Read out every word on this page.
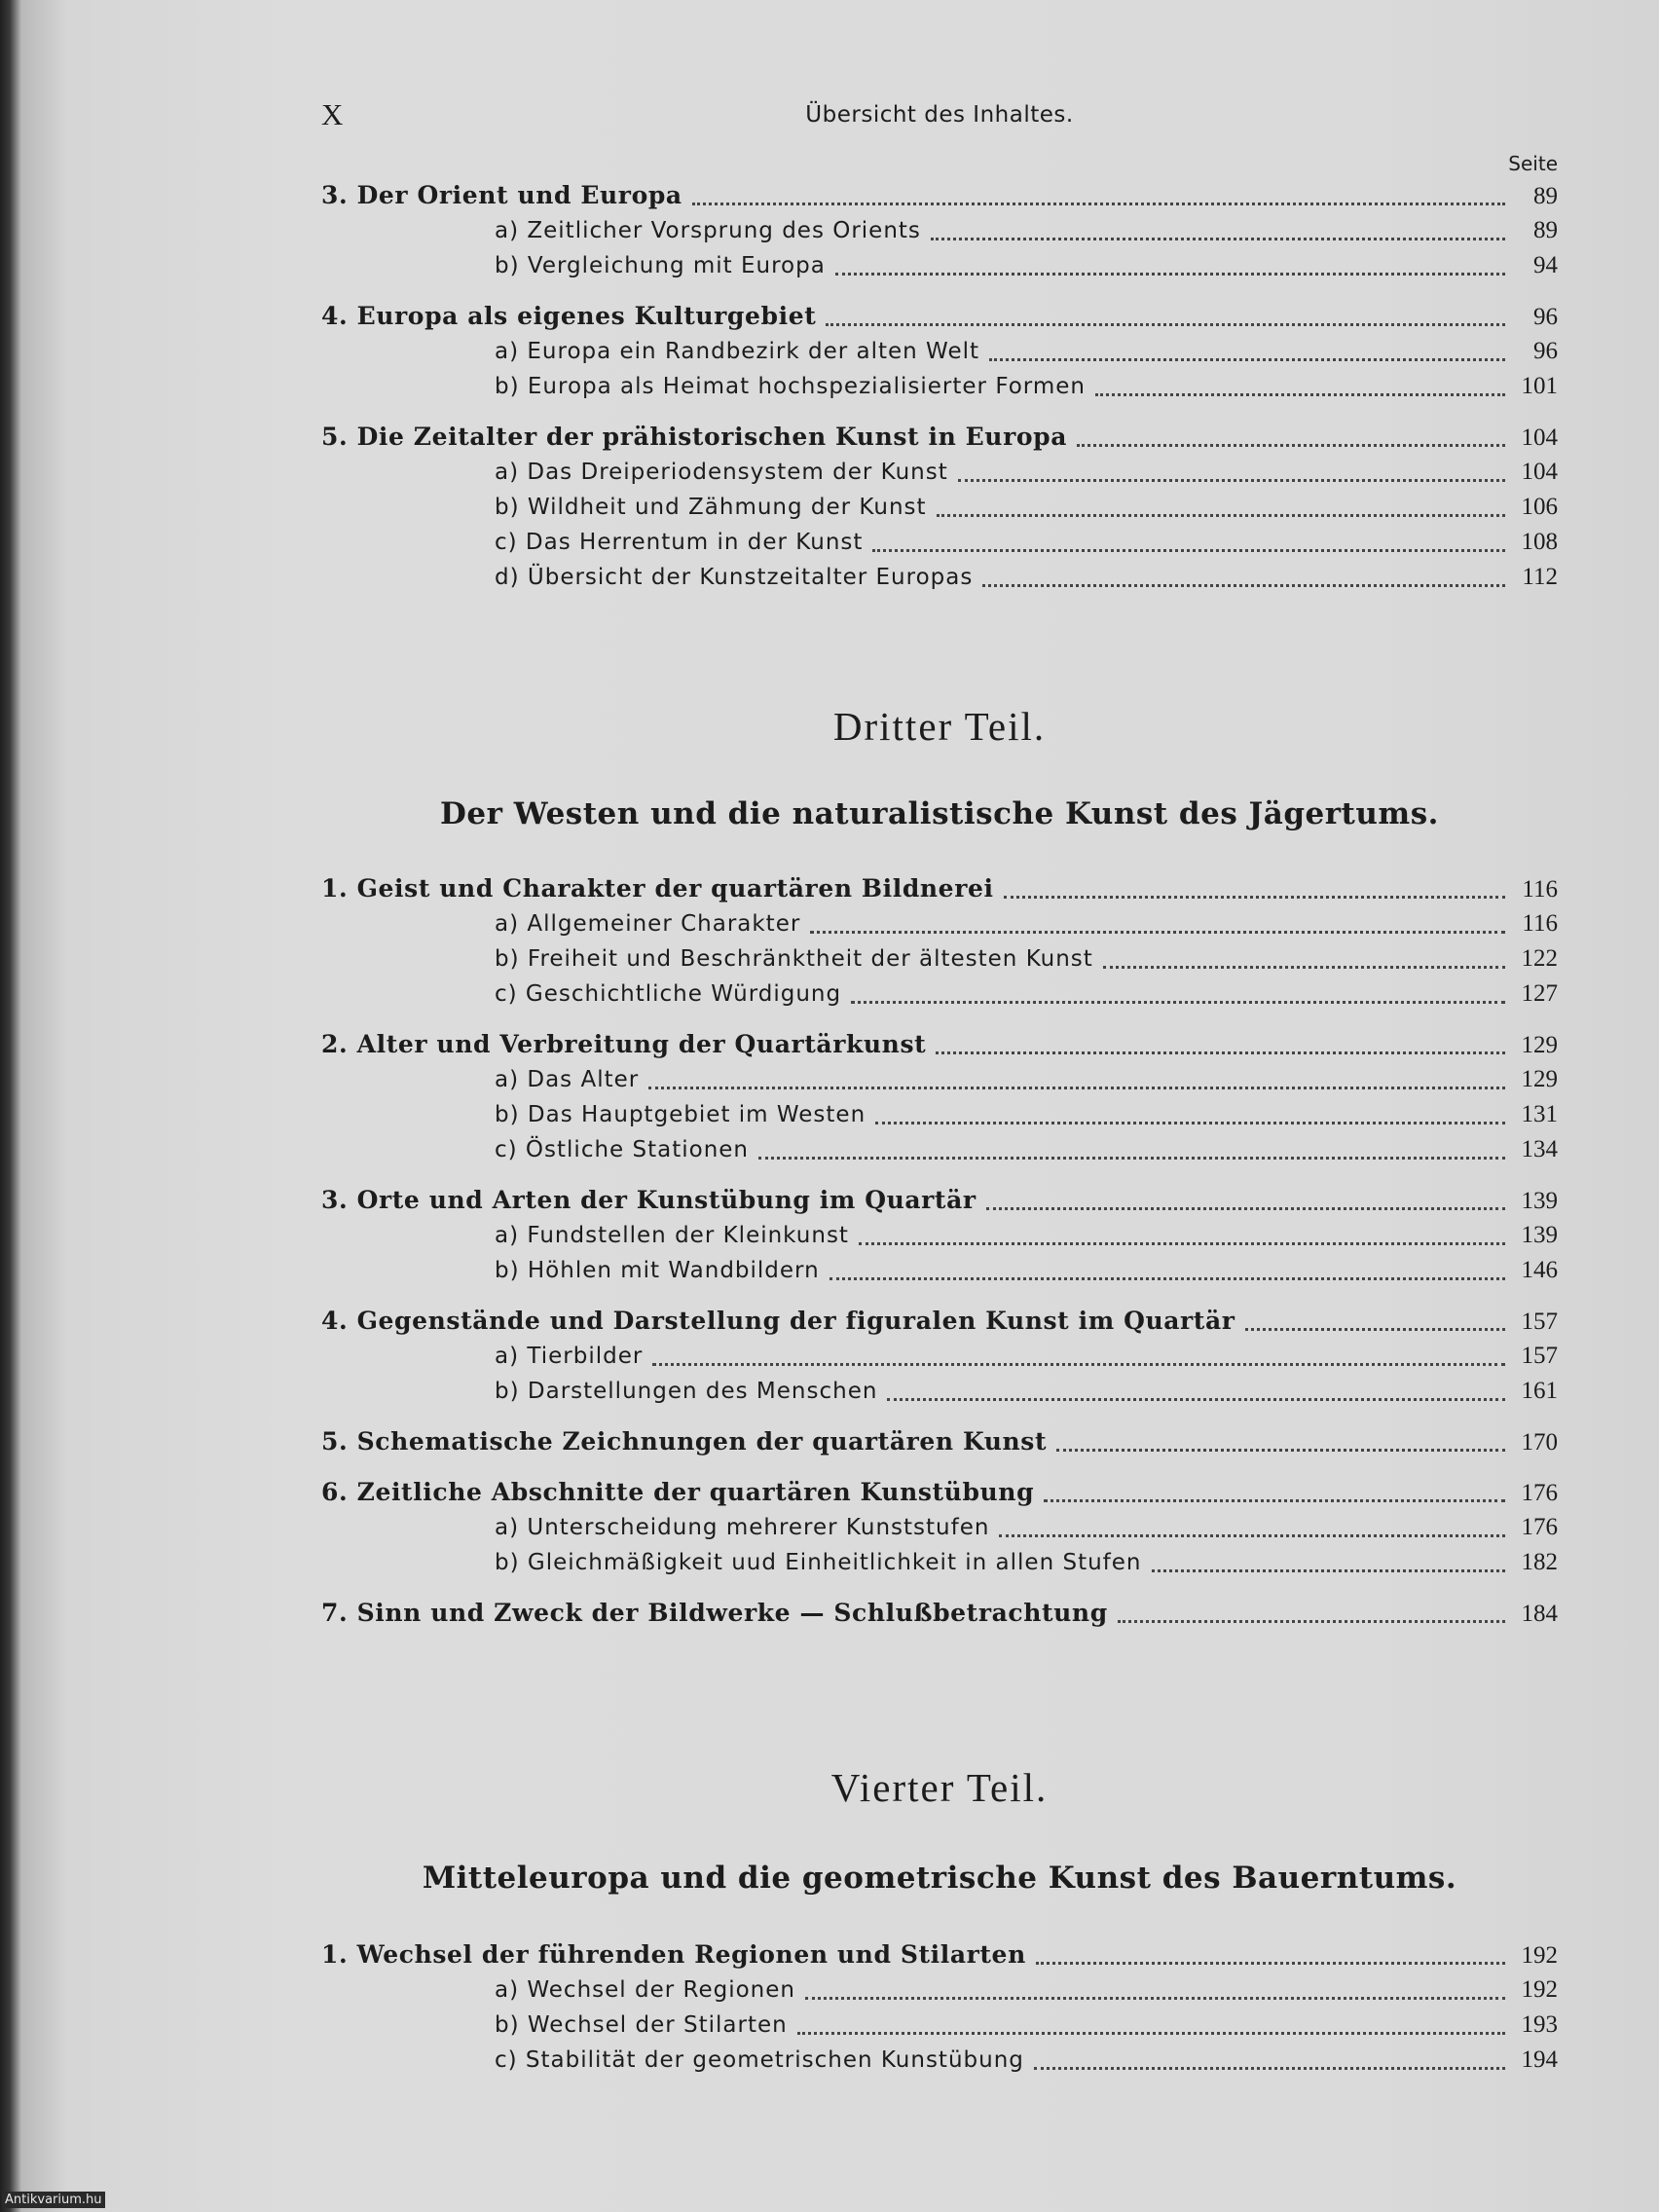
X	Übersicht des Inhaltes.
Seite
3. Der Orient und Europa	89
a) Zeitlicher Vorsprung des Orients	89
b) Vergleichung mit Europa	94
4. Europa als eigenes Kulturgebiet	96
a) Europa ein Randbezirk der alten Welt	96
b) Europa als Heimat hochspezialisierter Formen	101
5. Die Zeitalter der prähistorischen Kunst in Europa	104
a) Das Dreiperiodensystem der Kunst	104
b) Wildheit und Zähmung der Kunst	106
c) Das Herrentum in der Kunst	108
d) Übersicht der Kunstzeitalter Europas	112
Dritter Teil.
Der Westen und die naturalistische Kunst des Jägertums.
1. Geist und Charakter der quartären Bildnerei	116
a) Allgemeiner Charakter	116
b) Freiheit und Beschränktheit der ältesten Kunst	122
c) Geschichtliche Würdigung	127
2. Alter und Verbreitung der Quartärkunst	129
a) Das Alter	129
b) Das Hauptgebiet im Westen	131
c) Östliche Stationen	134
3. Orte und Arten der Kunstübung im Quartär	139
a) Fundstellen der Kleinkunst	139
b) Höhlen mit Wandbildern	146
4. Gegenstände und Darstellung der figuralen Kunst im Quartär	157
a) Tierbilder	157
b) Darstellungen des Menschen	161
5. Schematische Zeichnungen der quartären Kunst	170
6. Zeitliche Abschnitte der quartären Kunstübung	176
a) Unterscheidung mehrerer Kunststufen	176
b) Gleichmäßigkeit uud Einheitlichkeit in allen Stufen	182
7. Sinn und Zweck der Bildwerke — Schlußbetrachtung	184
Vierter Teil.
Mitteleuropa und die geometrische Kunst des Bauerntums.
1. Wechsel der führenden Regionen und Stilarten	192
a) Wechsel der Regionen	192
b) Wechsel der Stilarten	193
c) Stabilität der geometrischen Kunstübung	194
Antikvarium.hu
